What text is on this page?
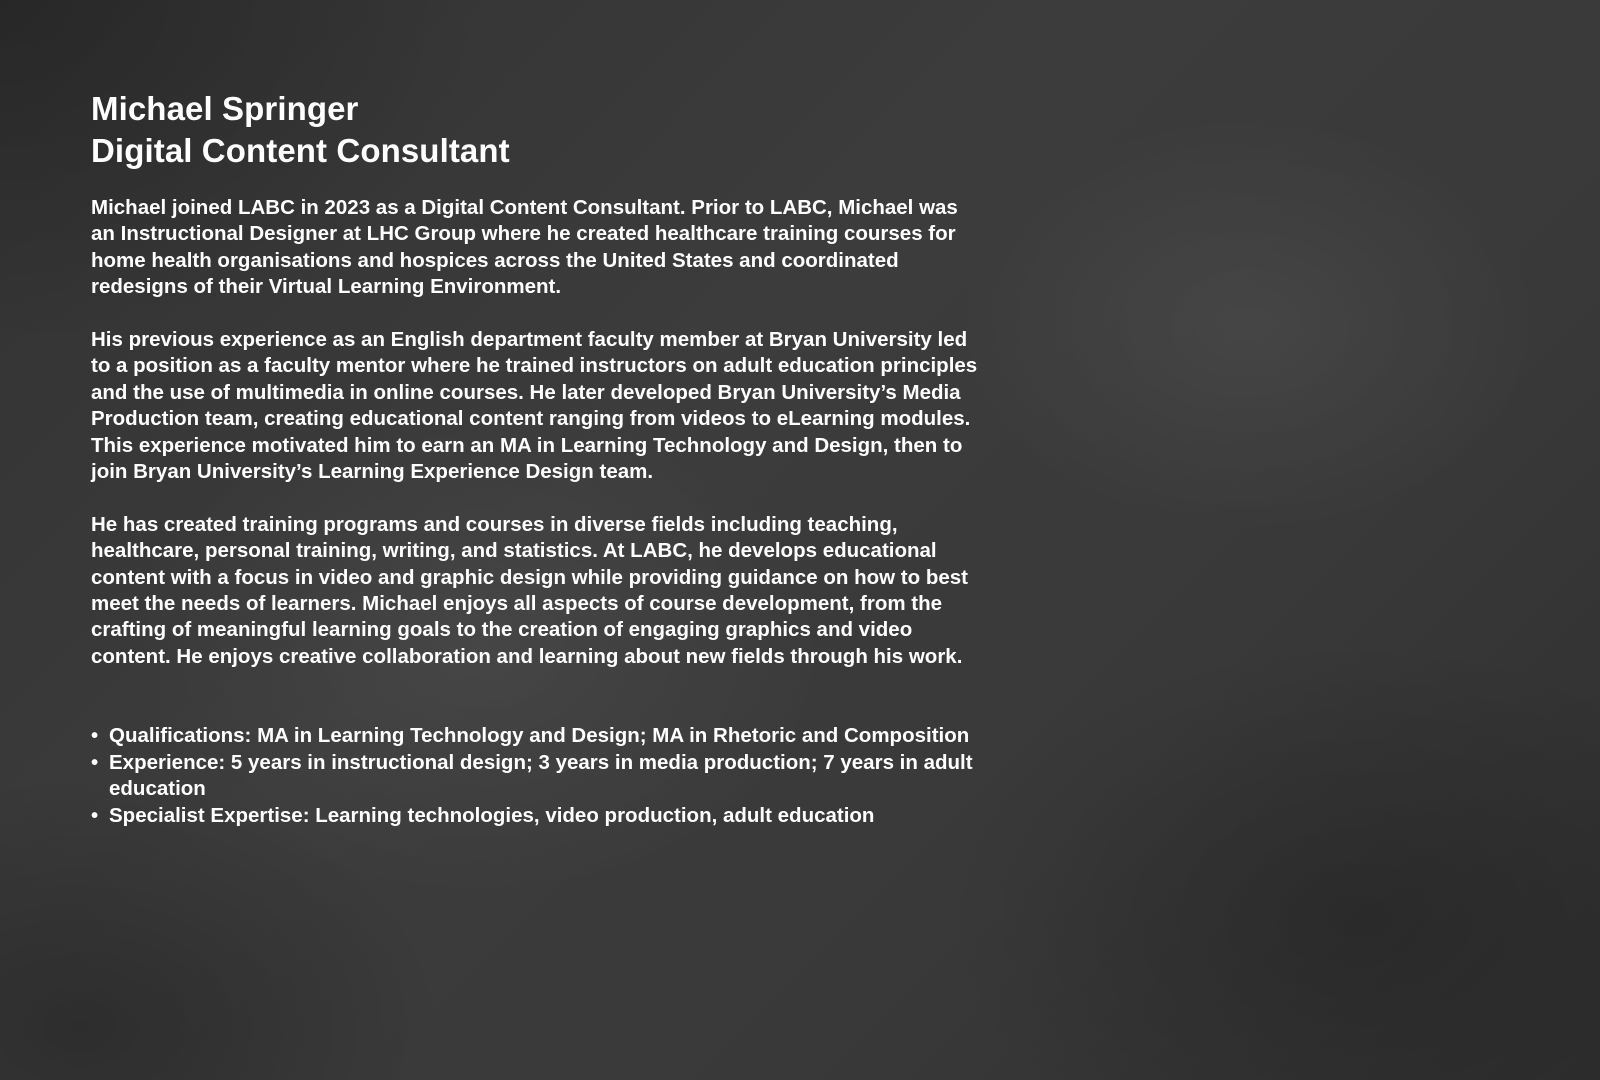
Michael Springer
Digital Content Consultant

Michael joined LABC in 2023 as a Digital Content Consultant. Prior to LABC, Michael was an Instructional Designer at LHC Group where he created healthcare training courses for home health organisations and hospices across the United States and coordinated redesigns of their Virtual Learning Environment.

His previous experience as an English department faculty member at Bryan University led to a position as a faculty mentor where he trained instructors on adult education principles and the use of multimedia in online courses. He later developed Bryan University’s Media Production team, creating educational content ranging from videos to eLearning modules. This experience motivated him to earn an MA in Learning Technology and Design, then to join Bryan University’s Learning Experience Design team.

He has created training programs and courses in diverse fields including teaching, healthcare, personal training, writing, and statistics. At LABC, he develops educational content with a focus in video and graphic design while providing guidance on how to best meet the needs of learners. Michael enjoys all aspects of course development, from the crafting of meaningful learning goals to the creation of engaging graphics and video content. He enjoys creative collaboration and learning about new fields through his work.

• Qualifications: MA in Learning Technology and Design; MA in Rhetoric and Composition
• Experience: 5 years in instructional design; 3 years in media production; 7 years in adult education
• Specialist Expertise: Learning technologies, video production, adult education
